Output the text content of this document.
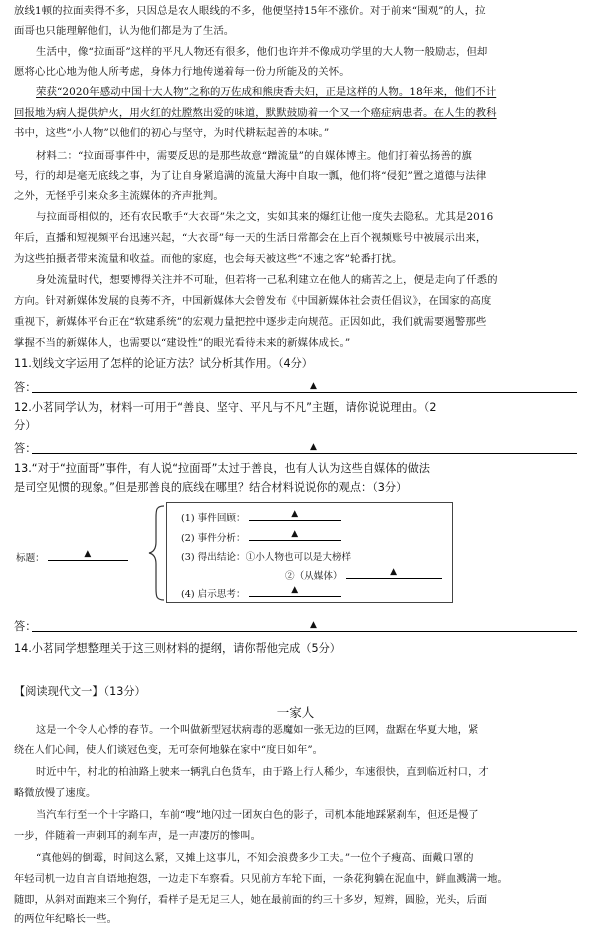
放线1顿的拉面卖得不多，只因总是农人眼线的不多，他便坚持15年不涨价。对于前来“围观”的人，拉
面哥也只能理解他们，认为他们都是为了生活。
生活中，像“拉面哥”这样的平凡人物还有很多，他们也许并不像成功学里的大人物一般励志，但却
愿将心比心地为他人所考虑，身体力行地传递着每一份力所能及的关怀。
荣获“2020年感动中国十大人物”之称的万佐成和熊庚香夫妇，正是这样的人物。18年来，他们不计
回报地为病人提供炉火，用火红的灶膛熬出爱的味道，默默鼓励着一个又一个癌症病患者。在人生的教科
书中，这些“小人物”以他们的初心与坚守，为时代耕耘起善的本味。”
材料二：“拉面哥事件中，需要反思的是那些故意“蹭流量”的自媒体博主。他们打着弘扬善的旗
号，行的却是毫无底线之事，为了让自身紧追满的流量大海中自取一瓢，他们将“侵犯”置之道德与法律
之外，无怪乎引来众多主流媒体的齐声批判。
与拉面哥相似的，还有农民歌手“大衣哥”朱之文，实如其来的爆红让他一度失去隐私。尤其是2016
年后，直播和短视频平台迅速兴起，“大衣哥”每一天的生活日常都会在上百个视频账号中被展示出来，
为这些拍摄者带来流量和收益。而他的家庭，也会每天被这些“不速之客”轮番打扰。
身处流量时代，想要博得关注并不可耻，但若将一己私利建立在他人的痛苦之上，便是走向了仟悉的
方向。针对新媒体发展的良莠不齐，中国新媒体大会曾发布《中国新媒体社会责任倡议》，在国家的高度
重视下，新媒体平台正在“软建系统”的宏观力量把控中逐步走向规范。正因如此，我们就需要遏警那些
掌握不当的新媒体人，也需要以“建设性”的眼光看待未来的新媒体成长。”
11.划线文字运用了怎样的论证方法？试分析其作用。（4分）
答：	▲
12.小茗同学认为，材料一可用于“善良、坚守、平凡与不凡”主题，请你说说理由。（2
分）
答：	▲
13.“对于“拉面哥”事件，有人说“拉面哥”太过于善良，也有人认为这些自媒体的做法
是司空见惯的现象。”但是那善良的底线在哪里？结合材料说说你的观点：（3分）
标题：	▲
(1) 事件回顾：	▲
(2) 事件分析：	▲
(3) 得出结论：①小人物也可以是大榜样
②（从媒体）	▲
(4) 启示思考：	▲
答：	▲
14.小茗同学想整理关于这三则材料的提纲，请你帮他完成（5分）
【阅读现代文一】（13分）
一家人
这是一个令人心悸的春节。一个叫做新型冠状病毒的恶魔如一张无边的巨网，盘踞在华夏大地，紧
绕在人们心间，使人们谈冠色变，无可奈何地躲在家中“度日如年”。
时近中午，村北的柏油路上驶来一辆乳白色货车，由于路上行人稀少，车速很快，直到临近村口，才
略微放慢了速度。
当汽车行至一个十字路口，车前“嗖”地闪过一团灰白色的影子，司机本能地踩紧刹车，但还是慢了
一步，伴随着一声刺耳的刹车声，是一声凄厉的惨叫。
“真他妈的倒霉，时间这么紧，又摊上这事儿，不知会浪费多少工夫。”一位个子瘦高、面戴口罩的
年轻司机一边自言自语地抱怨，一边走下车察看。只见前方车轮下面，一条花狗躺在泥血中，鲜血溅满一地。
随即，从斜对面跑来三个狗仔，看样子是无足三人，她在最前面的约三十多岁，短辫，圆脸，光头，后面
的两位年纪略长一些。
